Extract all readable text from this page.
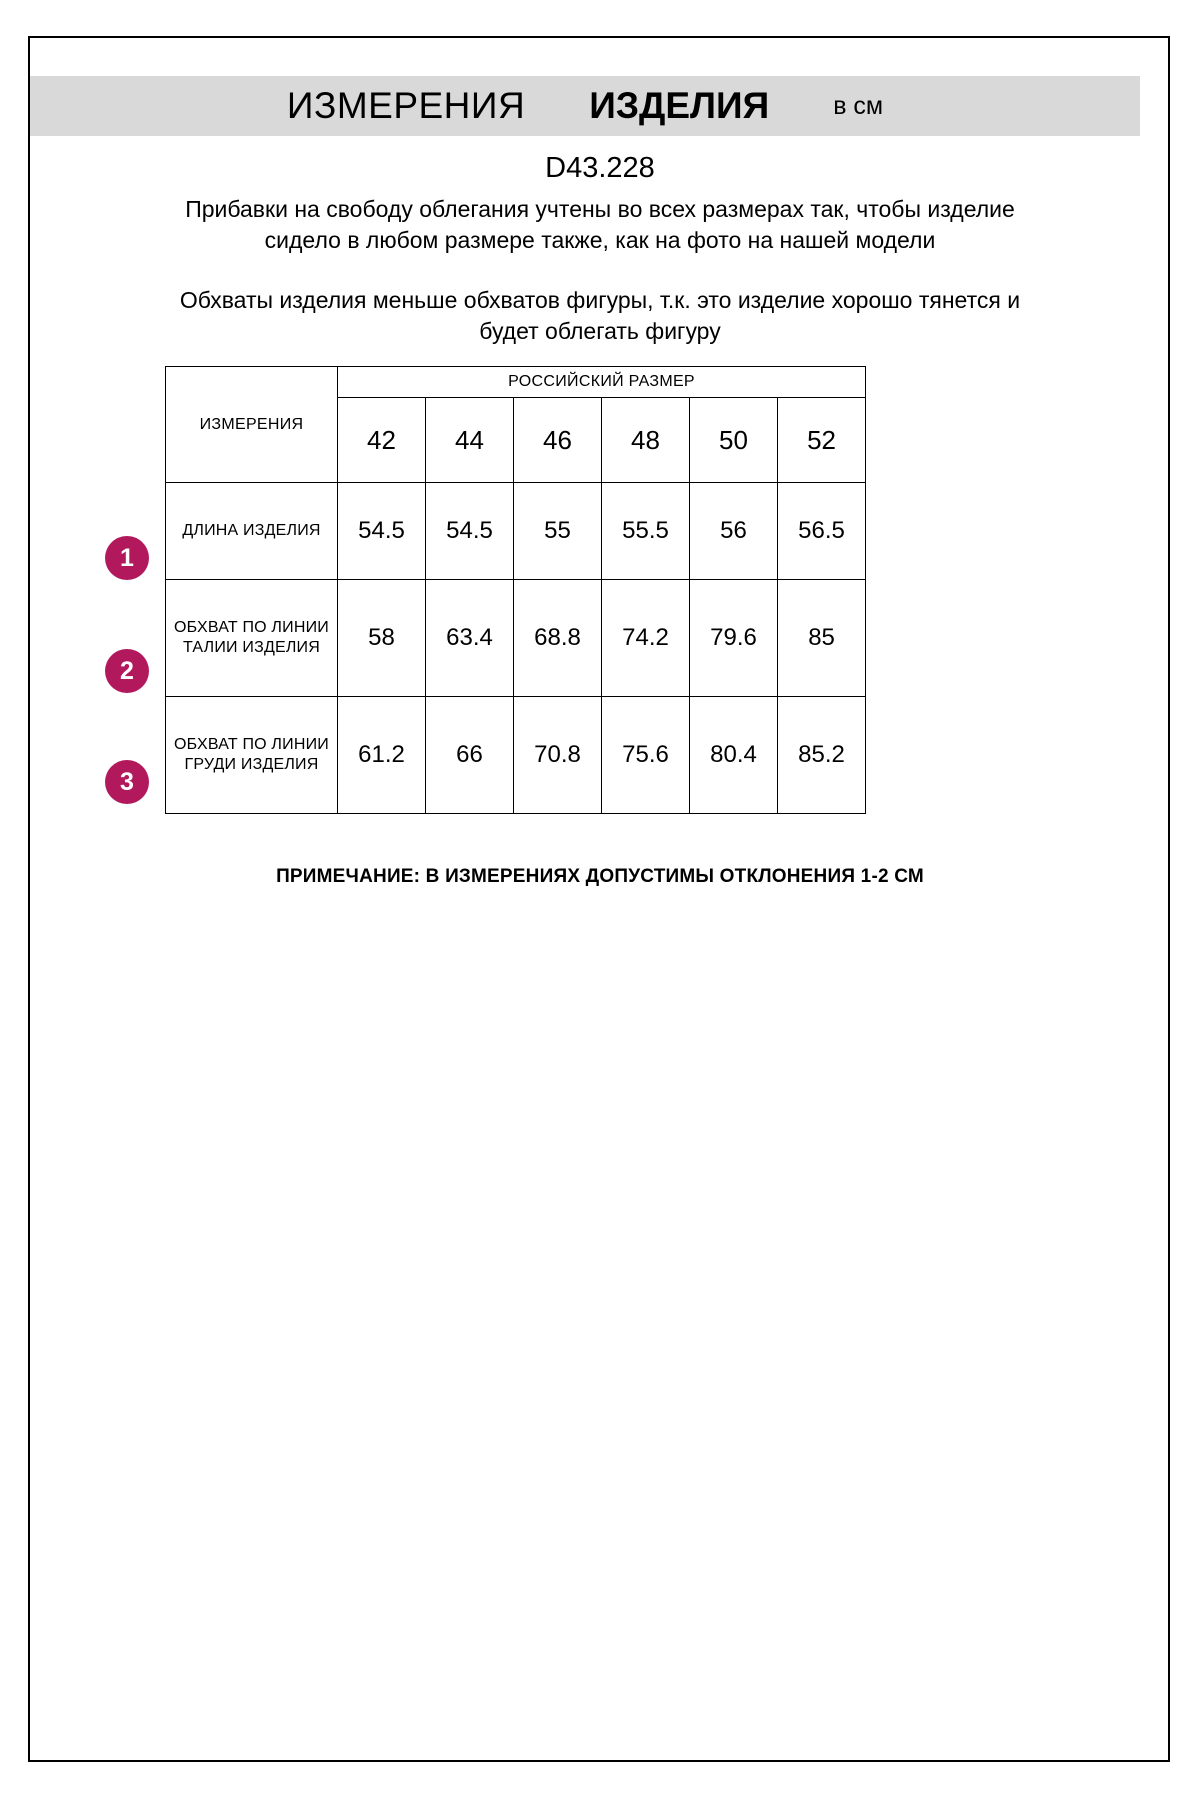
ИЗМЕРЕНИЯ ИЗДЕЛИЯ	в см
D43.228
Прибавки на свободу облегания учтены во всех размерах так, чтобы изделие сидело в любом размере также, как на фото на нашей модели
Обхваты изделия меньше обхватов фигуры, т.к. это изделие хорошо тянется и будет облегать фигуру
ИЗМЕРЕНИЯ	РОССИЙСКИЙ РАЗМЕР					
	42	44	46	48	50	52
ДЛИНА ИЗДЕЛИЯ	54.5	54.5	55	55.5	56	56.5
ОБХВАТ ПО ЛИНИИ ТАЛИИ ИЗДЕЛИЯ	58	63.4	68.8	74.2	79.6	85
ОБХВАТ ПО ЛИНИИ ГРУДИ ИЗДЕЛИЯ	61.2	66	70.8	75.6	80.4	85.2
1
2
3
ПРИМЕЧАНИЕ: В ИЗМЕРЕНИЯХ ДОПУСТИМЫ ОТКЛОНЕНИЯ 1-2 СМ
